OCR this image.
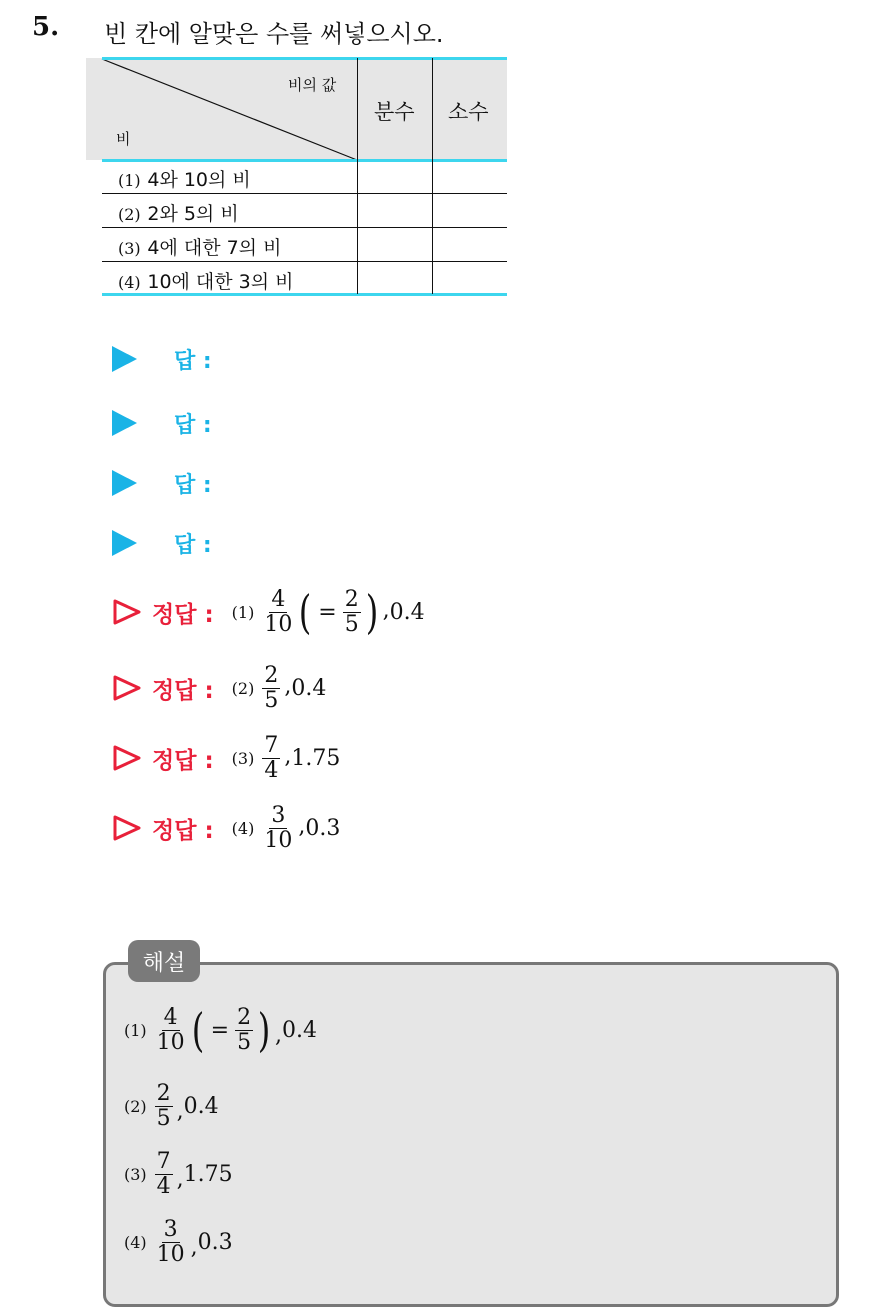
5. 빈 칸에 알맞은 수를 써넣으시오.
비의 값
비
분수 소수
(1) 4와 10의 비
(2) 2와 5의 비
(3) 4에 대한 7의 비
(4) 10에 대한 3의 비
답 :
답 :
답 :
답 :
정답 : $(1) \frac{4}{10}$ ( = $\frac{2}{5}$ ) , 0.4
정답 : $(2) \frac{2}{5}$ , 0.4
정답 : $(3) \frac{7}{4}$ , 1.75
정답 : $(4) \frac{3}{10}$ , 0.3
해설
$(1) \frac{4}{10}$ ( = $\frac{2}{5}$ ) , 0.4
$(2) \frac{2}{5}$ , 0.4
$(3) \frac{7}{4}$ , 1.75
$(4) \frac{3}{10}$ , 0.3
